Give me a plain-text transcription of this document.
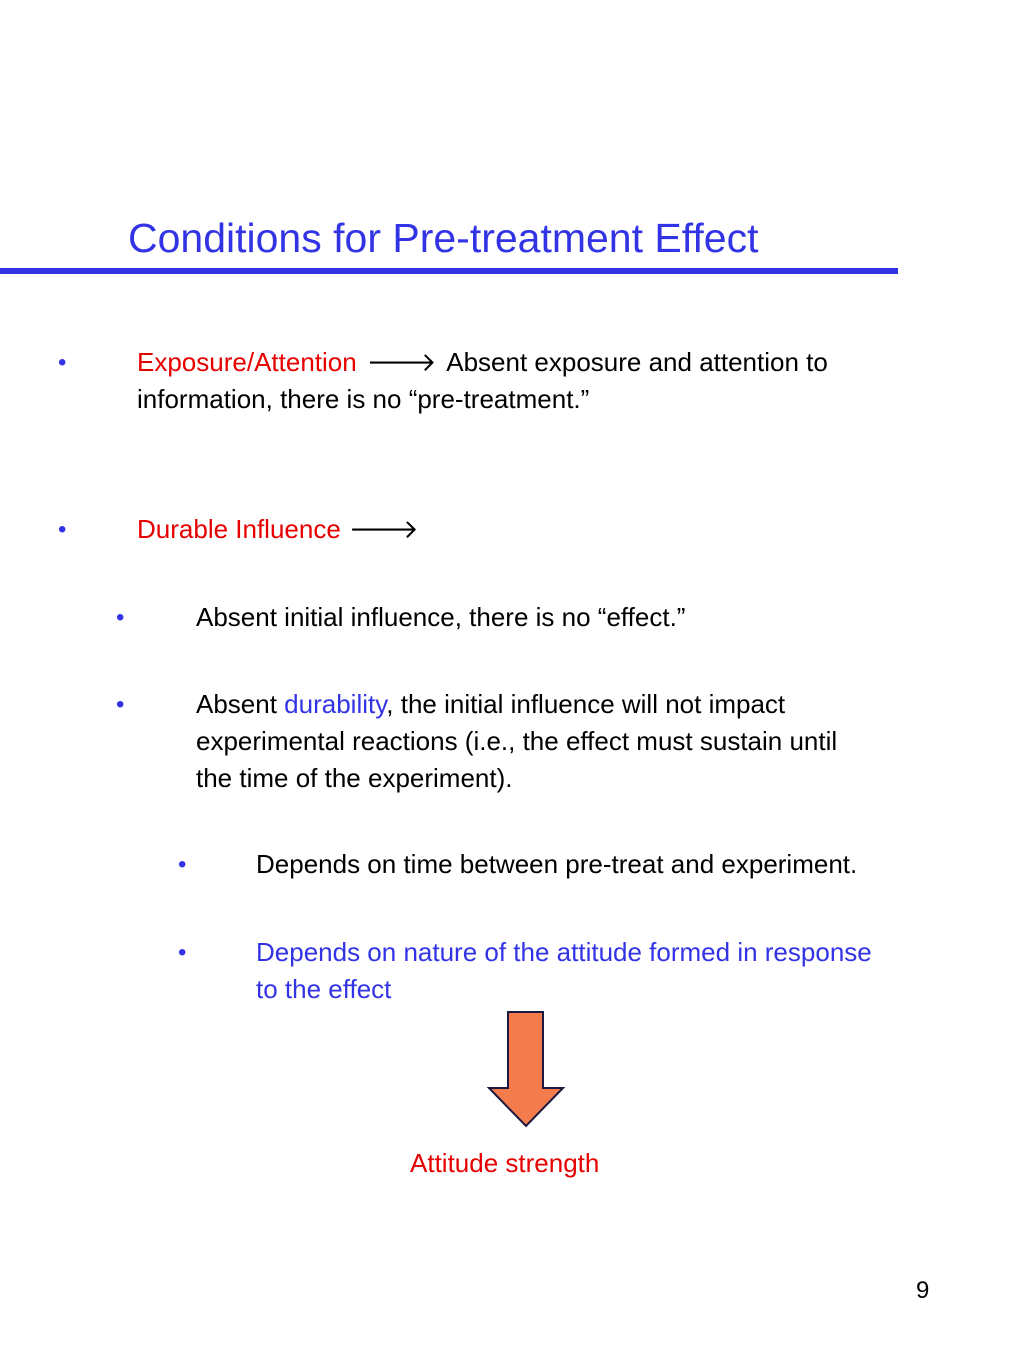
Conditions for Pre-treatment Effect
•	Exposure/Attention 🡒 Absent exposure and attention to
information, there is no “pre-treatment.”
•	Durable Influence 🡒
•	Absent initial influence, there is no “effect.”
•	Absent durability, the initial influence will not impact
experimental reactions (i.e., the effect must sustain until
the time of the experiment).
•	Depends on time between pre-treat and experiment.
•	Depends on nature of the attitude formed in response
to the effect
Attitude strength
9
